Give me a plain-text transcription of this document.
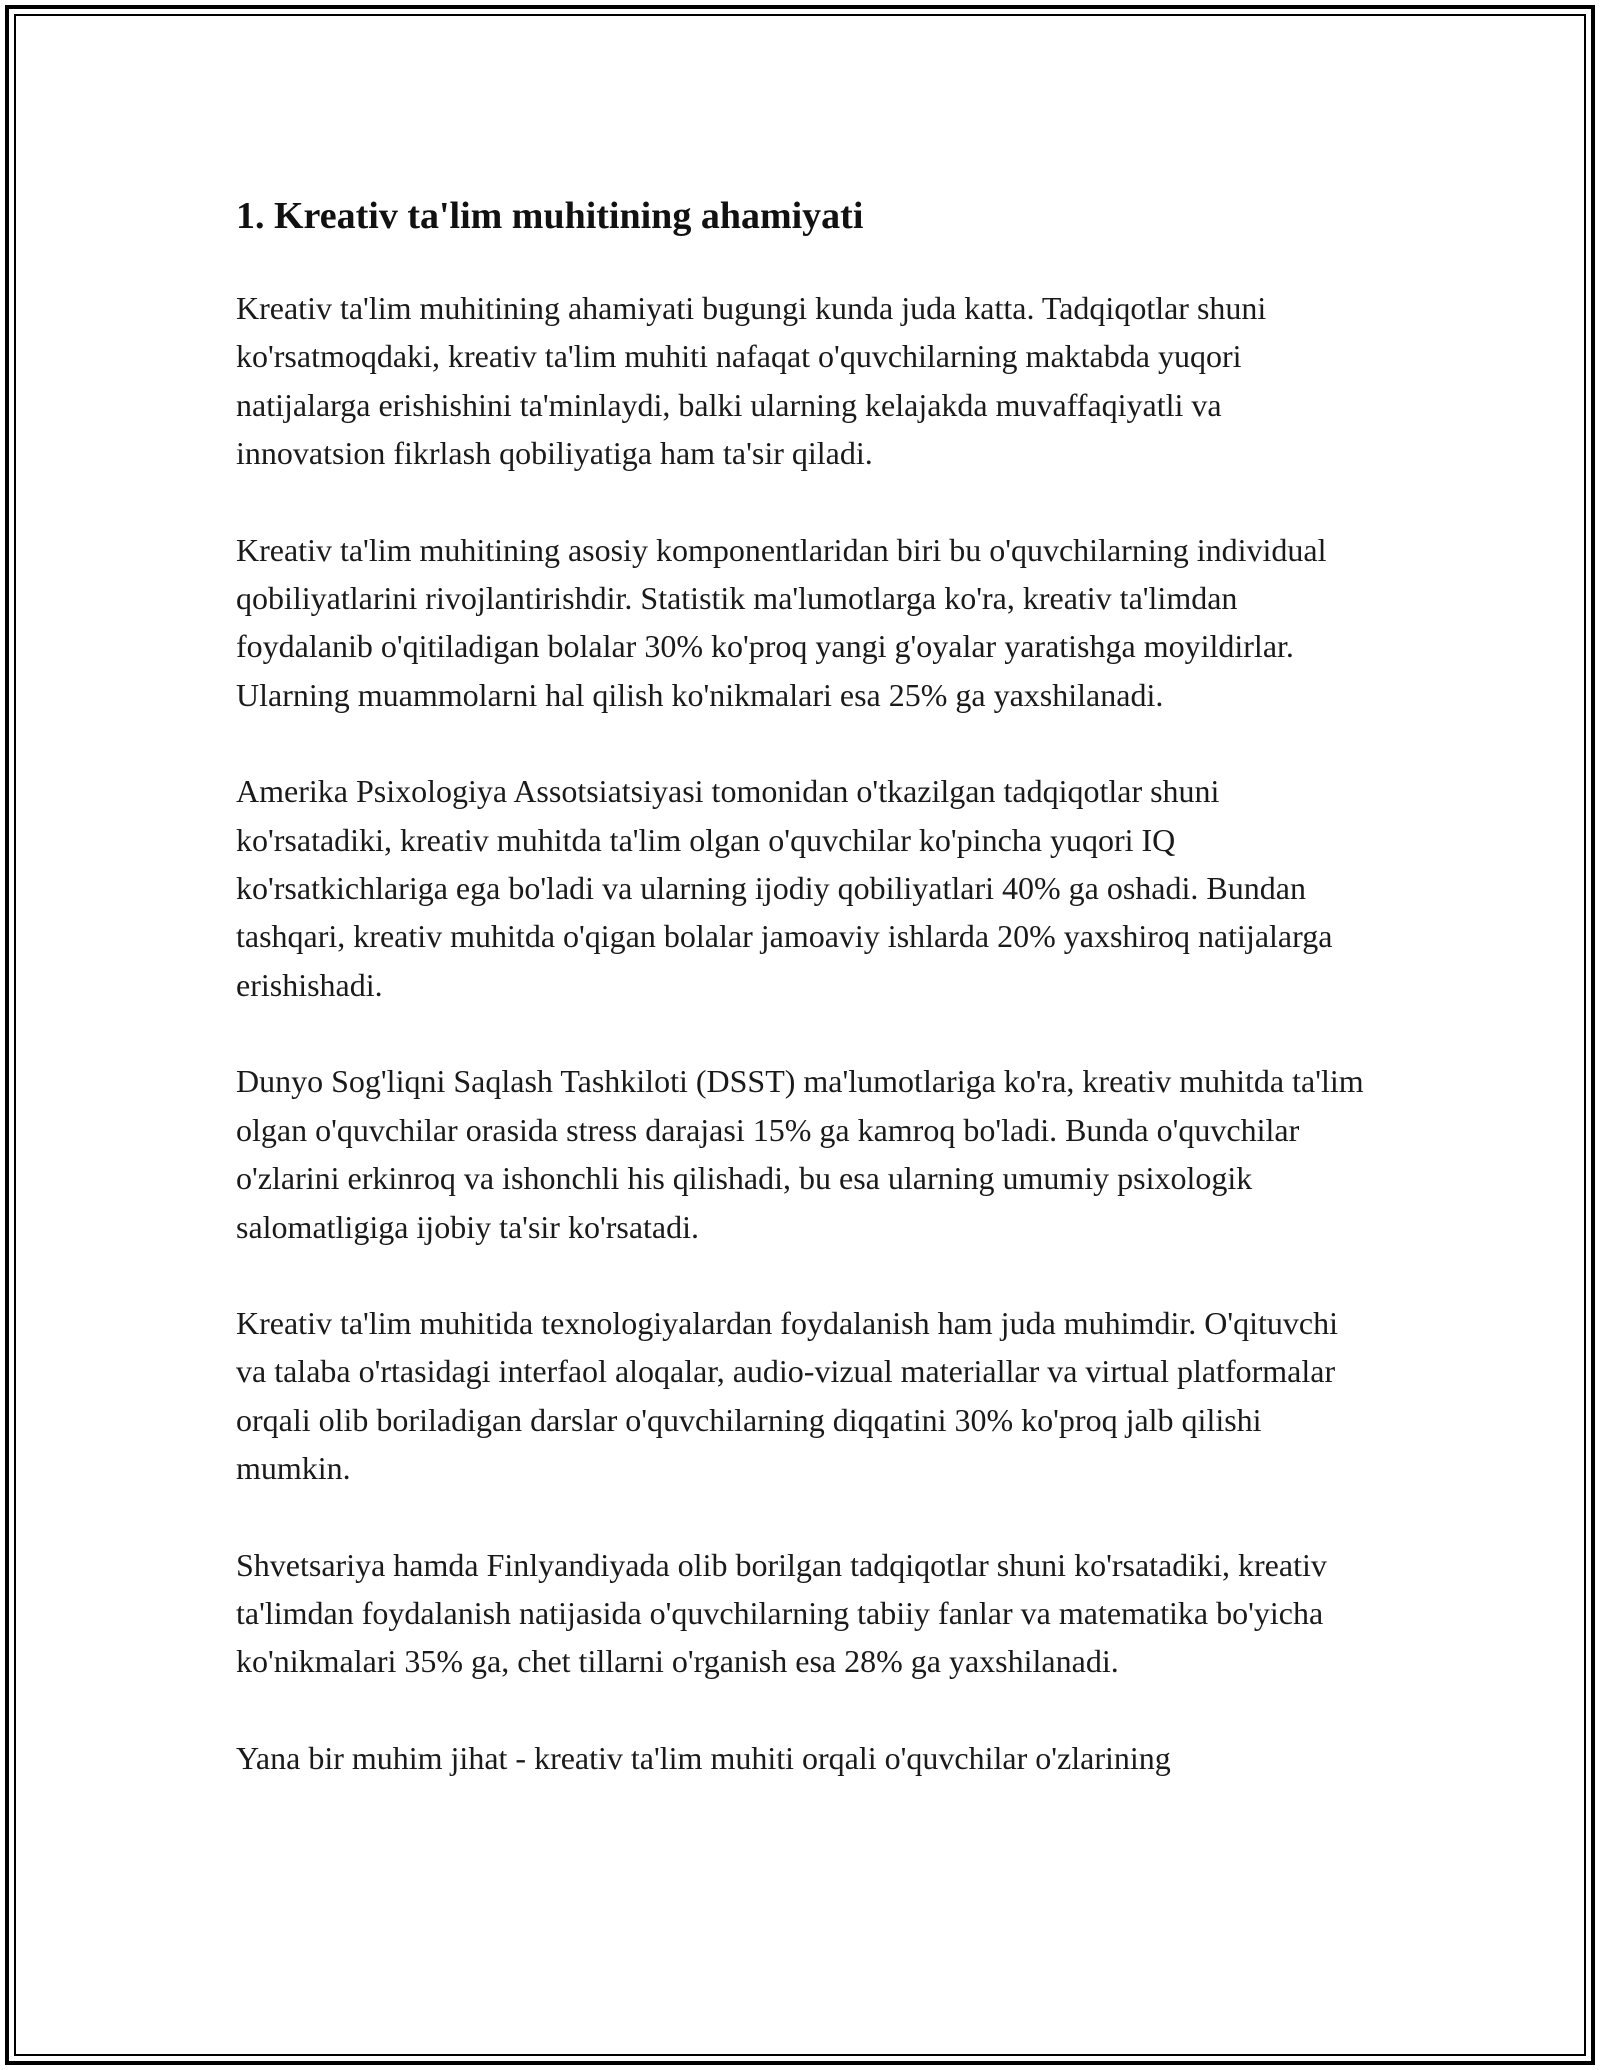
1. Kreativ ta'lim muhitining ahamiyati

Kreativ ta'lim muhitining ahamiyati bugungi kunda juda katta. Tadqiqotlar shuni ko'rsatmoqdaki, kreativ ta'lim muhiti nafaqat o'quvchilarning maktabda yuqori natijalarga erishishini ta'minlaydi, balki ularning kelajakda muvaffaqiyatli va innovatsion fikrlash qobiliyatiga ham ta'sir qiladi.

Kreativ ta'lim muhitining asosiy komponentlaridan biri bu o'quvchilarning individual qobiliyatlarini rivojlantirishdir. Statistik ma'lumotlarga ko'ra, kreativ ta'limdan foydalanib o'qitiladigan bolalar 30% ko'proq yangi g'oyalar yaratishga moyildirlar. Ularning muammolarni hal qilish ko'nikmalari esa 25% ga yaxshilanadi.

Amerika Psixologiya Assotsiatsiyasi tomonidan o'tkazilgan tadqiqotlar shuni ko'rsatadiki, kreativ muhitda ta'lim olgan o'quvchilar ko'pincha yuqori IQ ko'rsatkichlariga ega bo'ladi va ularning ijodiy qobiliyatlari 40% ga oshadi. Bundan tashqari, kreativ muhitda o'qigan bolalar jamoaviy ishlarda 20% yaxshiroq natijalarga erishishadi.

Dunyo Sog'liqni Saqlash Tashkiloti (DSST) ma'lumotlariga ko'ra, kreativ muhitda ta'lim olgan o'quvchilar orasida stress darajasi 15% ga kamroq bo'ladi. Bunda o'quvchilar o'zlarini erkinroq va ishonchli his qilishadi, bu esa ularning umumiy psixologik salomatligiga ijobiy ta'sir ko'rsatadi.

Kreativ ta'lim muhitida texnologiyalardan foydalanish ham juda muhimdir. O'qituvchi va talaba o'rtasidagi interfaol aloqalar, audio-vizual materiallar va virtual platformalar orqali olib boriladigan darslar o'quvchilarning diqqatini 30% ko'proq jalb qilishi mumkin.

Shvetsariya hamda Finlyandiyada olib borilgan tadqiqotlar shuni ko'rsatadiki, kreativ ta'limdan foydalanish natijasida o'quvchilarning tabiiy fanlar va matematika bo'yicha ko'nikmalari 35% ga, chet tillarni o'rganish esa 28% ga yaxshilanadi.

Yana bir muhim jihat - kreativ ta'lim muhiti orqali o'quvchilar o'zlarining
